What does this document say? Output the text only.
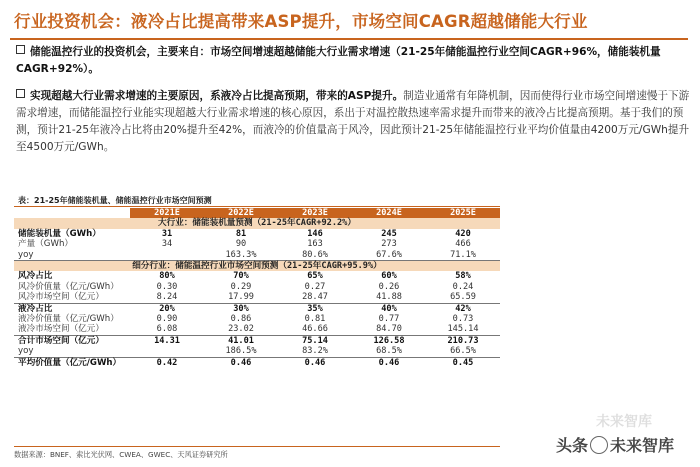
行业投资机会：液冷占比提高带来ASP提升，市场空间CAGR超越储能大行业
储能温控行业的投资机会，主要来自：市场空间增速超越储能大行业需求增速（21-25年储能温控行业空间CAGR+96%，储能装机量CAGR+92%）。
实现超越大行业需求增速的主要原因，系液冷占比提高预期，带来的ASP提升。制造业通常有年降机制，因而使得行业市场空间增速慢于下游需求增速，而储能温控行业能实现超越大行业需求增速的核心原因，系出于对温控散热速率需求提升而带来的液冷占比提高预期。基于我们的预测，预计21-25年液冷占比将由20%提升至42%，而液冷的价值量高于风冷，因此预计21-25年储能温控行业平均价值量由4200万元/GWh提升至4500万元/GWh。
表：21-25年储能装机量、储能温控行业市场空间预测
	2021E	2022E	2023E	2024E	2025E
大行业：储能装机量预测（21-25年CAGR+92.2%）					
储能装机量（GWh）	31	81	146	245	420
产量（GWh）	34	90	163	273	466
yoy		163.3%	80.6%	67.6%	71.1%
细分行业：储能温控行业市场空间预测（21-25年CAGR+95.9%）					
风冷占比	80%	70%	65%	60%	58%
风冷价值量（亿元/GWh）	0.30	0.29	0.27	0.26	0.24
风冷市场空间（亿元）	8.24	17.99	28.47	41.88	65.59
液冷占比	20%	30%	35%	40%	42%
液冷价值量（亿元/GWh）	0.90	0.86	0.81	0.77	0.73
液冷市场空间（亿元）	6.08	23.02	46.66	84.70	145.14
合计市场空间（亿元）	14.31	41.01	75.14	126.58	210.73
yoy		186.5%	83.2%	68.5%	66.5%
平均价值量（亿元/GWh）	0.42	0.46	0.46	0.46	0.45
数据来源：BNEF、索比光伏网、CWEA、GWEC、天风证券研究所
未来智库
头条 未来智库
